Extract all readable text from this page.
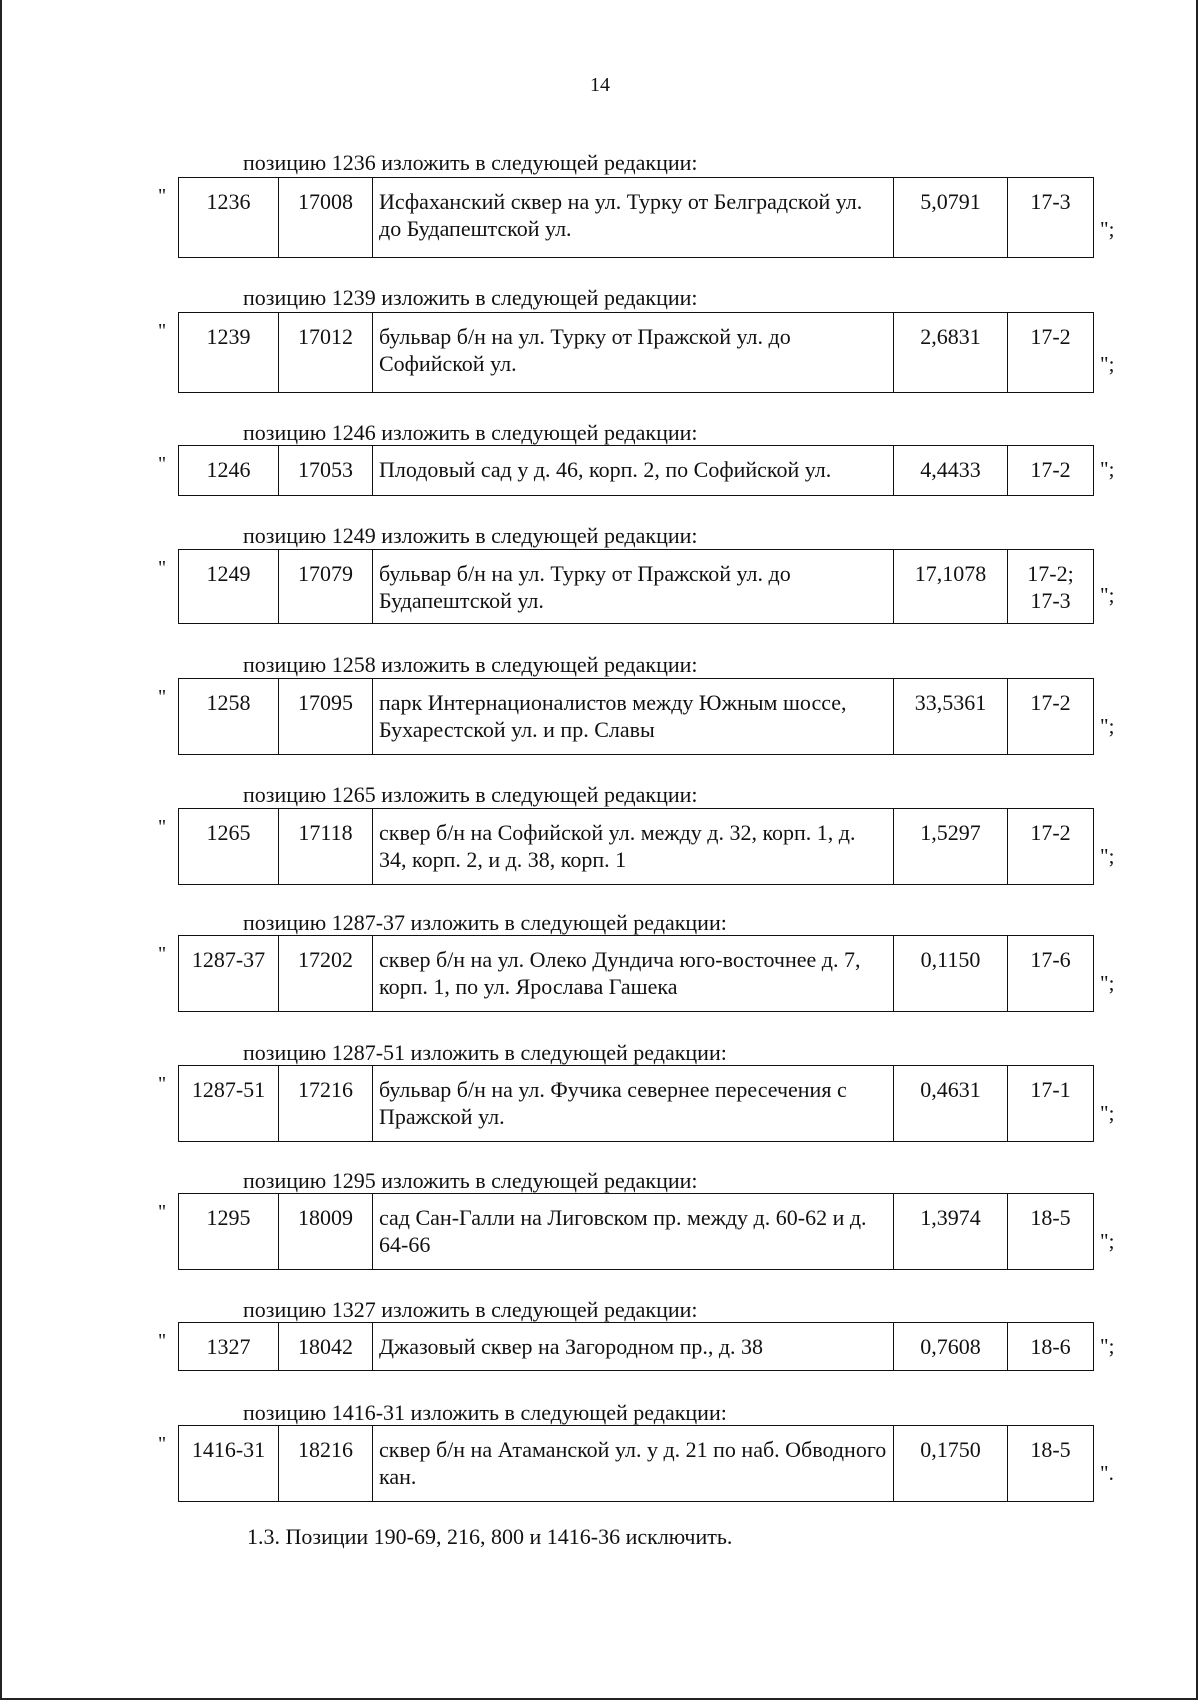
14
позицию 1236 изложить в следующей редакции:
" 1236	17008	Исфаханский сквер на ул. Турку от Белградской ул. до Будапештской ул.	5,0791	17-3
";
позицию 1239 изложить в следующей редакции:
" 1239	17012	бульвар б/н на ул. Турку от Пражской ул. до Софийской ул.	2,6831	17-2
";
позицию 1246 изложить в следующей редакции:
" 1246	17053	Плодовый сад у д. 46, корп. 2, по Софийской ул.	4,4433	17-2 ";
позицию 1249 изложить в следующей редакции:
" 1249	17079	бульвар б/н на ул. Турку от Пражской ул. до Будапештской ул.	17,1078	17-2; 17-3 ";
позицию 1258 изложить в следующей редакции:
" 1258	17095	парк Интернационалистов между Южным шоссе, Бухарестской ул. и пр. Славы	33,5361	17-2
";
позицию 1265 изложить в следующей редакции:
" 1265	17118	сквер б/н на Софийской ул. между д. 32, корп. 1, д. 34, корп. 2, и д. 38, корп. 1	1,5297	17-2
";
позицию 1287-37 изложить в следующей редакции:
" 1287-37	17202	сквер б/н на ул. Олеко Дундича юго-восточнее д. 7, корп. 1, по ул. Ярослава Гашека	0,1150	17-6
";
позицию 1287-51 изложить в следующей редакции:
" 1287-51	17216	бульвар б/н на ул. Фучика севернее пересечения с Пражской ул.	0,4631	17-1
";
позицию 1295 изложить в следующей редакции:
" 1295	18009	сад Сан-Галли на Лиговском пр. между д. 60-62 и д. 64-66	1,3974	18-5
";
позицию 1327 изложить в следующей редакции:
" 1327	18042	Джазовый сквер на Загородном пр., д. 38	0,7608	18-6 ";
позицию 1416-31 изложить в следующей редакции:
" 1416-31	18216	сквер б/н на Атаманской ул. у д. 21 по наб. Обводного кан.	0,1750	18-5
".
1.3. Позиции 190-69, 216, 800 и 1416-36 исключить.
